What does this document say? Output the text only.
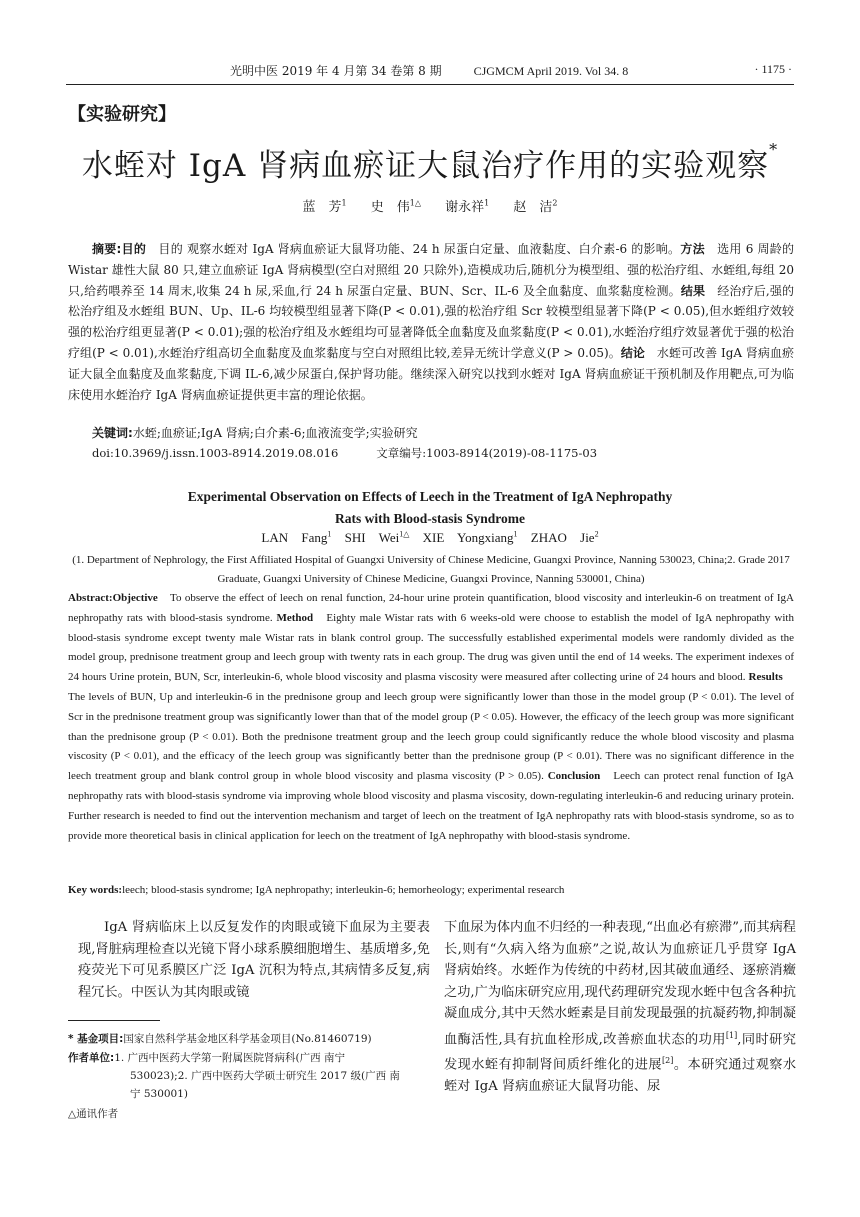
光明中医 2019 年 4 月第 34 卷第 8 期	CJGMCM April 2019. Vol 34. 8	· 1175 ·
【实验研究】
水蛭对 IgA 肾病血瘀证大鼠治疗作用的实验观察*
蓝　芳$^1$ 史　伟$^{1\triangle}$ 谢永祥$^1$ 赵　洁$^2$
摘要:目的　目的 观察水蛭对 IgA 肾病血瘀证大鼠肾功能、24 h 尿蛋白定量、血液黏度、白介素-6 的影响。方法　选用 6 周龄的 Wistar 雄性大鼠 80 只,建立血瘀证 IgA 肾病模型(空白对照组 20 只除外),造模成功后,随机分为模型组、强的松治疗组、水蛭组,每组 20 只,给药喂养至 14 周末,收集 24 h 尿,采血,行 24 h 尿蛋白定量、BUN、Scr、IL-6 及全血黏度、血浆黏度检测。结果　经治疗后,强的松治疗组及水蛭组 BUN、Up、IL-6 均较模型组显著下降(P < 0.01),强的松治疗组 Scr 较模型组显著下降(P < 0.05),但水蛭组疗效较强的松治疗组更显著(P < 0.01);强的松治疗组及水蛭组均可显著降低全血黏度及血浆黏度(P < 0.01),水蛭治疗组疗效显著优于强的松治疗组(P < 0.01),水蛭治疗组高切全血黏度及血浆黏度与空白对照组比较,差异无统计学意义(P > 0.05)。结论　水蛭可改善 IgA 肾病血瘀证大鼠全血黏度及血浆黏度,下调 IL-6,减少尿蛋白,保护肾功能。继续深入研究以找到水蛭对 IgA 肾病血瘀证干预机制及作用靶点,可为临床使用水蛭治疗 IgA 肾病血瘀证提供更丰富的理论依据。
关键词:水蛭;血瘀证;IgA 肾病;白介素-6;血液流变学;实验研究
doi:10.3969/j.issn.1003-8914.2019.08.016	文章编号:1003-8914(2019)-08-1175-03
Experimental Observation on Effects of Leech in the Treatment of IgA Nephropathy
Rats with Blood-stasis Syndrome
LAN Fang$^1$ SHI Wei$^{1\triangle}$ XIE Yongxiang$^1$ ZHAO Jie$^2$
(1. Department of Nephrology, the First Affiliated Hospital of Guangxi University of Chinese Medicine, Guangxi Province, Nanning 530023, China;2. Grade 2017 Graduate, Guangxi University of Chinese Medicine, Guangxi Province, Nanning 530001, China)
Abstract:Objective　To observe the effect of leech on renal function, 24-hour urine protein quantification, blood viscosity and interleukin-6 on treatment of IgA nephropathy rats with blood-stasis syndrome. Method　Eighty male Wistar rats with 6 weeks-old were choose to establish the model of IgA nephropathy with blood-stasis syndrome except twenty male Wistar rats in blank control group. The successfully established experimental models were randomly divided as the model group, prednisone treatment group and leech group with twenty rats in each group. The drug was given until the end of 14 weeks. The experiment indexes of 24 hours Urine protein, BUN, Scr, interleukin-6, whole blood viscosity and plasma viscosity were measured after collecting urine of 24 hours and blood. Results　The levels of BUN, Up and interleukin-6 in the prednisone group and leech group were significantly lower than those in the model group (P < 0.01). The level of Scr in the prednisone treatment group was significantly lower than that of the model group (P < 0.05). However, the efficacy of the leech group was more significant than the prednisone group (P < 0.01). Both the prednisone treatment group and the leech group could significantly reduce the whole blood viscosity and plasma viscosity (P < 0.01), and the efficacy of the leech group was significantly better than the prednisone group (P < 0.01). There was no significant difference in the leech treatment group and blank control group in whole blood viscosity and plasma viscosity (P > 0.05). Conclusion　Leech can protect renal function of IgA nephropathy rats with blood-stasis syndrome via improving whole blood viscosity and plasma viscosity, down-regulating interleukin-6 and reducing urinary protein. Further research is needed to find out the intervention mechanism and target of leech on the treatment of IgA nephropathy rats with blood-stasis syndrome, so as to provide more theoretical basis in clinical application for leech on the treatment of IgA nephropathy with blood-stasis syndrome.
Key words:leech; blood-stasis syndrome; IgA nephropathy; interleukin-6; hemorheology; experimental research
IgA 肾病临床上以反复发作的肉眼或镜下血尿为主要表现,肾脏病理检查以光镜下肾小球系膜细胞增生、基质增多,免疫荧光下可见系膜区广泛 IgA 沉积为特点,其病情多反复,病程冗长。中医认为其肉眼或镜
下血尿为体内血不归经的一种表现,“出血必有瘀滞”,而其病程长,则有“久病入络为血瘀”之说,故认为血瘀证几乎贯穿 IgA 肾病始终。水蛭作为传统的中药材,因其破血通经、逐瘀消癥之功,广为临床研究应用,现代药理研究发现水蛭中包含各种抗凝血成分,其中天然水蛭素是目前发现最强的抗凝药物,抑制凝血酶活性,具有抗血栓形成,改善瘀血状态的功用[1],同时研究发现水蛭有抑制肾间质纤维化的进展[2]。本研究通过观察水蛭对 IgA 肾病血瘀证大鼠肾功能、尿
* 基金项目:国家自然科学基金地区科学基金项目(No.81460719)
作者单位:1. 广西中医药大学第一附属医院肾病科(广西 南宁
530023);2. 广西中医药大学硕士研究生 2017 级(广西 南
宁 530001)
△通讯作者
